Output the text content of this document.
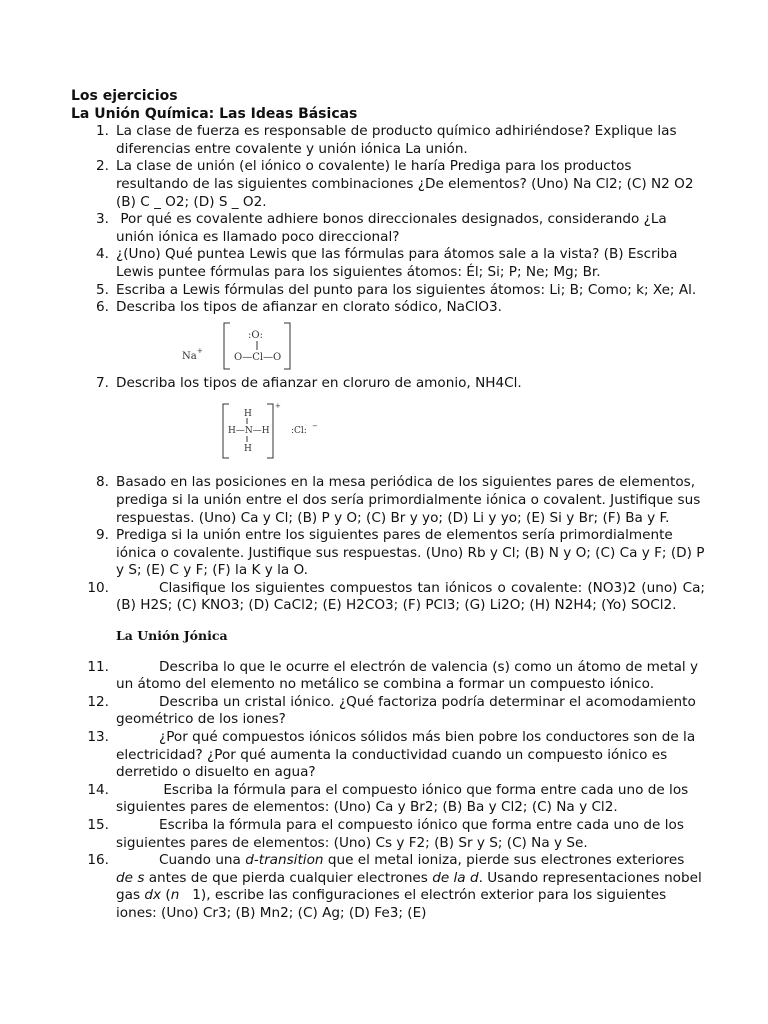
Los ejercicios
La Unión Química: Las Ideas Básicas
1. La clase de fuerza es responsable de producto químico adhiriéndose? Explique las diferencias entre covalente y unión iónica La unión.
2. La clase de unión (el iónico o covalente) le haría Prediga para los productos resultando de las siguientes combinaciones ¿De elementos? (Uno) Na Cl2; (C) N2 O2 (B) C _ O2; (D) S _ O2.
3. Por qué es covalente adhiere bonos direccionales designados, considerando ¿La unión iónica es llamado poco direccional?
4. ¿(Uno) Qué puntea Lewis que las fórmulas para átomos sale a la vista? (B) Escriba Lewis puntee fórmulas para los siguientes átomos: Él; Si; P; Ne; Mg; Br.
5. Escriba a Lewis fórmulas del punto para los siguientes átomos: Li; B; Como; k; Xe; Al.
6. Describa los tipos de afianzar en clorato sódico, NaClO3.
Na +
:O:
O—Cl—O
7. Describa los tipos de afianzar en cloruro de amonio, NH4Cl.
+
H
H—N—H
H
:Cl: −
8. Basado en las posiciones en la mesa periódica de los siguientes pares de elementos, prediga si la unión entre el dos sería primordialmente iónica o covalent. Justifique sus respuestas. (Uno) Ca y Cl; (B) P y O; (C) Br y yo; (D) Li y yo; (E) Si y Br; (F) Ba y F.
9. Prediga si la unión entre los siguientes pares de elementos sería primordialmente iónica o covalente. Justifique sus respuestas. (Uno) Rb y Cl; (B) N y O; (C) Ca y F; (D) P y S; (E) C y F; (F) la K y la O.
10.	Clasifique los siguientes compuestos tan iónicos o covalente: (NO3)2 (uno) Ca; (B) H2S; (C) KNO3; (D) CaCl2; (E) H2CO3; (F) PCl3; (G) Li2O; (H) N2H4; (Yo) SOCl2.
La Unión Jónica
11.	Describa lo que le ocurre el electrón de valencia (s) como un átomo de metal y un átomo del elemento no metálico se combina a formar un compuesto iónico.
12.	Describa un cristal iónico. ¿Qué factoriza podría determinar el acomodamiento geométrico de los iones?
13.	¿Por qué compuestos iónicos sólidos más bien pobre los conductores son de la electricidad? ¿Por qué aumenta la conductividad cuando un compuesto iónico es derretido o disuelto en agua?
14.	Escriba la fórmula para el compuesto iónico que forma entre cada uno de los siguientes pares de elementos: (Uno) Ca y Br2; (B) Ba y Cl2; (C) Na y Cl2.
15.	Escriba la fórmula para el compuesto iónico que forma entre cada uno de los siguientes pares de elementos: (Uno) Cs y F2; (B) Sr y S; (C) Na y Se.
16.	Cuando una d-transition que el metal ioniza, pierde sus electrones exteriores de s antes de que pierda cualquier electrones de la d. Usando representaciones nobel gas dx (n   1), escribe las configuraciones el electrón exterior para los siguientes iones: (Uno) Cr3; (B) Mn2; (C) Ag; (D) Fe3; (E)
